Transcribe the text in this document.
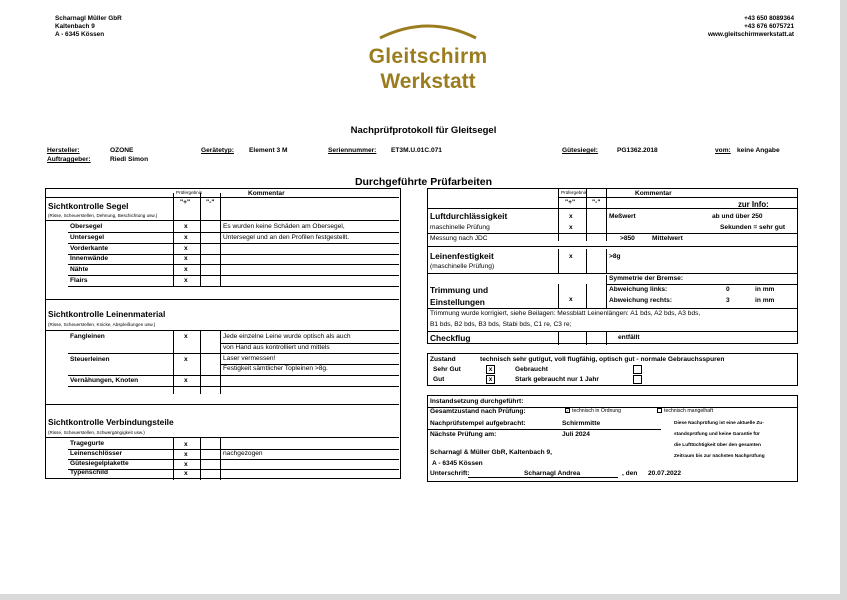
Scharnagl Müller GbR
Kaltenbach 9
A - 6345 Kössen
+43 650 8089364
+43 676 6075721
www.gleitschirmwerkstatt.at
Gleitschirm
Werkstatt
Nachprüfprotokoll für Gleitsegel
Hersteller:	OZONE
Auftraggeber:	Riedl Simon
Gerätetyp: Element 3 M	Seriennummer: ET3M.U.01C.071	Gütesiegel:	PG1362.2018	vom: keine Angabe
Durchgeführte Prüfarbeiten
Prüfergebnis	Kommentar
"+" "-"
Sichtkontrolle Segel
(Risse, Scheuerstellen, Dehnung, Beschichtung usw.)
Obersegel	x	Es wurden keine Schäden am Obersegel,
Untersegel	x	Untersegel und an den Profilen festgestellt.
Vorderkante	x
Innenwände	x
Nähte	x
Flairs	x
Sichtkontrolle Leinenmaterial
(Risse, Scheuerstellen, Knicke, Abspleißungen usw.)
Fangleinen	x	Jede einzelne Leine wurde optisch als auch
von Hand aus kontrolliert und mittels
Steuerleinen	x	Laser vermessen!
Festigkeit sämtlicher Topleinen >8g.
Vernähungen, Knoten	x
Sichtkontrolle Verbindungsteile
(Risse, Scheuerstellen, Schwergängigkeit usw.)
Tragegurte	x
Leinenschlösser	x	nachgezogen
Gütesiegelplakette	x
Typenschild	x
Prüfergebnis	Kommentar
"+"	"-"	zur Info:
Luftdurchlässigkeit	x	Meßwert	ab und über 250
maschinelle Prüfung	x	Sekunden = sehr gut
Messung nach JDC	>850	Mittelwert
Leinenfestigkeit	x	>8g
(maschinelle Prüfung)
Symmetrie der Bremse:
Trimmung und	Abweichung links:	0	in mm
x	Abweichung rechts:	3	in mm
Einstellungen
Trimmung wurde korrigiert, siehe Beilagen: Messblatt Leinenlängen: A1 bds, A2 bds, A3 bds,
B1 bds, B2 bds, B3 bds, Stabi bds, C1 re, C3 re;
Checkflug	entfällt
Zustand	technisch sehr gut/gut, voll flugfähig, optisch gut - normale Gebrauchsspuren
Sehr Gut	x	Gebraucht
Gut	x	Stark gebraucht nur 1 Jahr
Instandsetzung durchgeführt:
Gesamtzustand nach Prüfung:	✓ technisch in Ordnung	technisch mangelhaft
Nachprüfstempel aufgebracht:	Schirmmitte
Nächste Prüfung am:	Juli 2024
Diese Nachprüfung ist eine aktuelle Zu-
standsprüfung und keine Garantie für
die Lufttüchtigkeit über den gesamten
Zeitraum bis zur nächsten Nachprüfung
Scharnagl & Müller GbR, Kaltenbach 9,
A - 6345 Kössen
Unterschrift:	Scharnagl Andrea	, den 20.07.2022
